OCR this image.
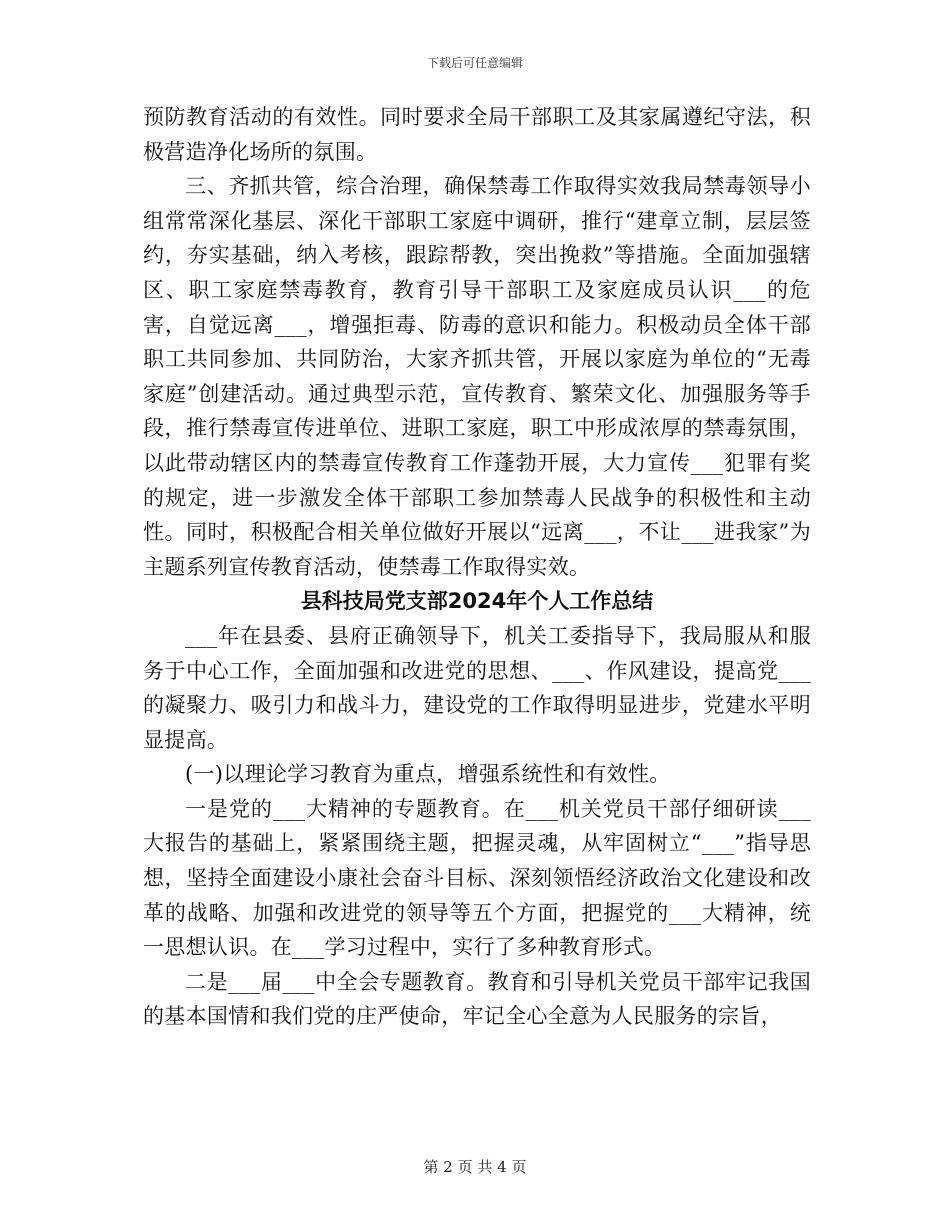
下载后可任意编辑

预防教育活动的有效性。同时要求全局干部职工及其家属遵纪守法，积极营造净化场所的氛围。

三、齐抓共管，综合治理，确保禁毒工作取得实效我局禁毒领导小组常常深化基层、深化干部职工家庭中调研，推行“建章立制，层层签约，夯实基础，纳入考核，跟踪帮教，突出挽救”等措施。全面加强辖区、职工家庭禁毒教育，教育引导干部职工及家庭成员认识___的危害，自觉远离___，增强拒毒、防毒的意识和能力。积极动员全体干部职工共同参加、共同防治，大家齐抓共管，开展以家庭为单位的“无毒家庭”创建活动。通过典型示范，宣传教育、繁荣文化、加强服务等手段，推行禁毒宣传进单位、进职工家庭，职工中形成浓厚的禁毒氛围，以此带动辖区内的禁毒宣传教育工作蓬勃开展，大力宣传___犯罪有奖的规定，进一步激发全体干部职工参加禁毒人民战争的积极性和主动性。同时，积极配合相关单位做好开展以“远离___，不让___进我家”为主题系列宣传教育活动，使禁毒工作取得实效。

县科技局党支部2024年个人工作总结

___年在县委、县府正确领导下，机关工委指导下，我局服从和服务于中心工作，全面加强和改进党的思想、___、作风建设，提高党___的凝聚力、吸引力和战斗力，建设党的工作取得明显进步，党建水平明显提高。

(一)以理论学习教育为重点，增强系统性和有效性。

一是党的___大精神的专题教育。在___机关党员干部仔细研读___大报告的基础上，紧紧围绕主题，把握灵魂，从牢固树立“___”指导思想，坚持全面建设小康社会奋斗目标、深刻领悟经济政治文化建设和改革的战略、加强和改进党的领导等五个方面，把握党的___大精神，统一思想认识。在___学习过程中，实行了多种教育形式。

二是___届___中全会专题教育。教育和引导机关党员干部牢记我国的基本国情和我们党的庄严使命，牢记全心全意为人民服务的宗旨，

第 2 页 共 4 页
